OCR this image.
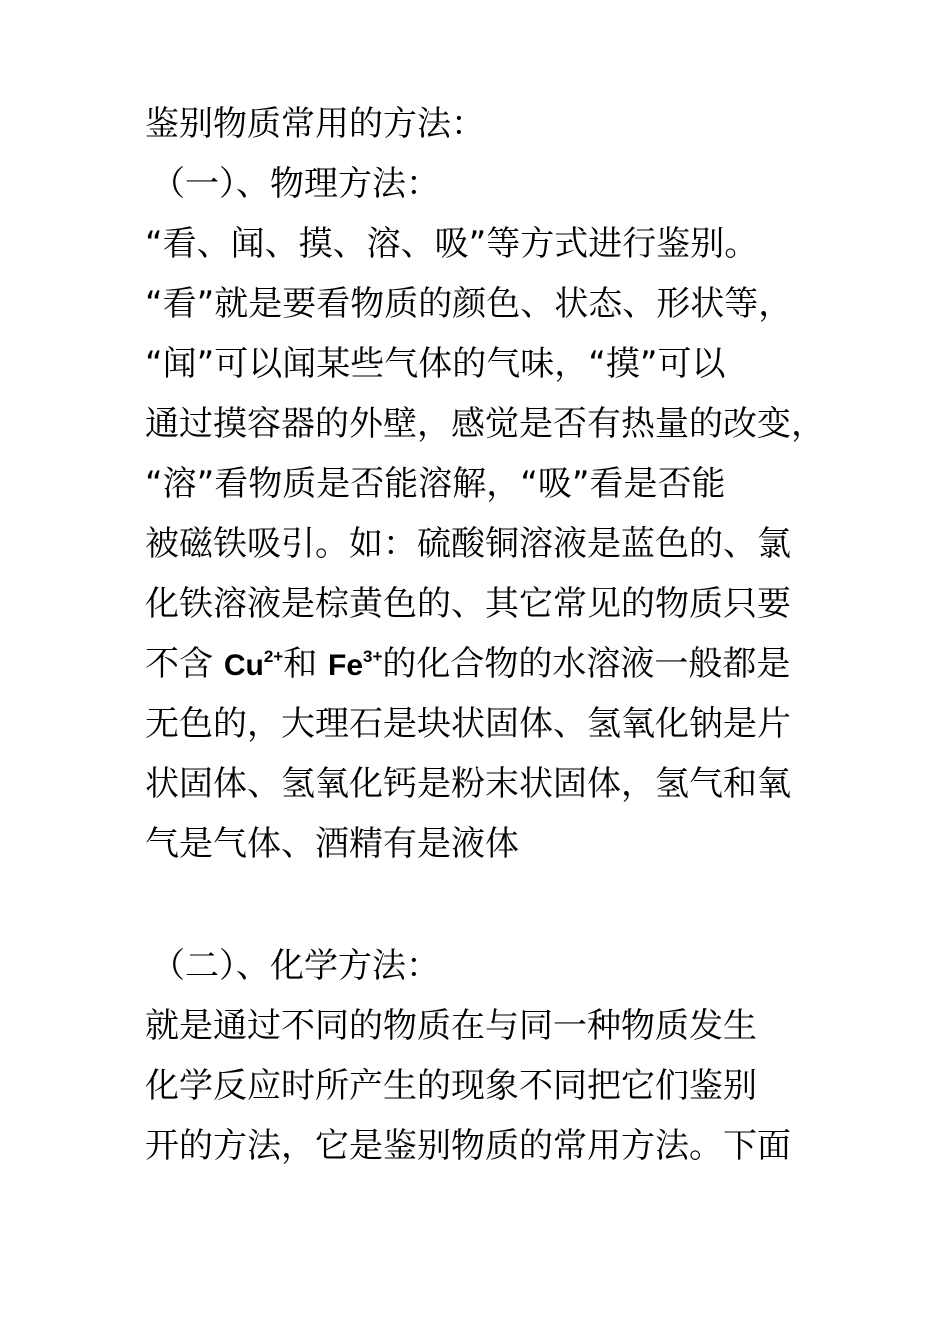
鉴别物质常用的方法：
（一）、物理方法：
“看、闻、摸、溶、吸”等方式进行鉴别。
“看”就是要看物质的颜色、状态、形状等，
“闻”可以闻某些气体的气味，“摸”可以
通过摸容器的外壁，感觉是否有热量的改变，
“溶”看物质是否能溶解，“吸”看是否能
被磁铁吸引。如：硫酸铜溶液是蓝色的、氯
化铁溶液是棕黄色的、其它常见的物质只要
不含 $Cu^{2+}$和 $Fe^{3+}$的化合物的水溶液一般都是
无色的，大理石是块状固体、氢氧化钠是片
状固体、氢氧化钙是粉末状固体，氢气和氧
气是气体、酒精有是液体
（二）、化学方法：
就是通过不同的物质在与同一种物质发生
化学反应时所产生的现象不同把它们鉴别
开的方法，它是鉴别物质的常用方法。下面
